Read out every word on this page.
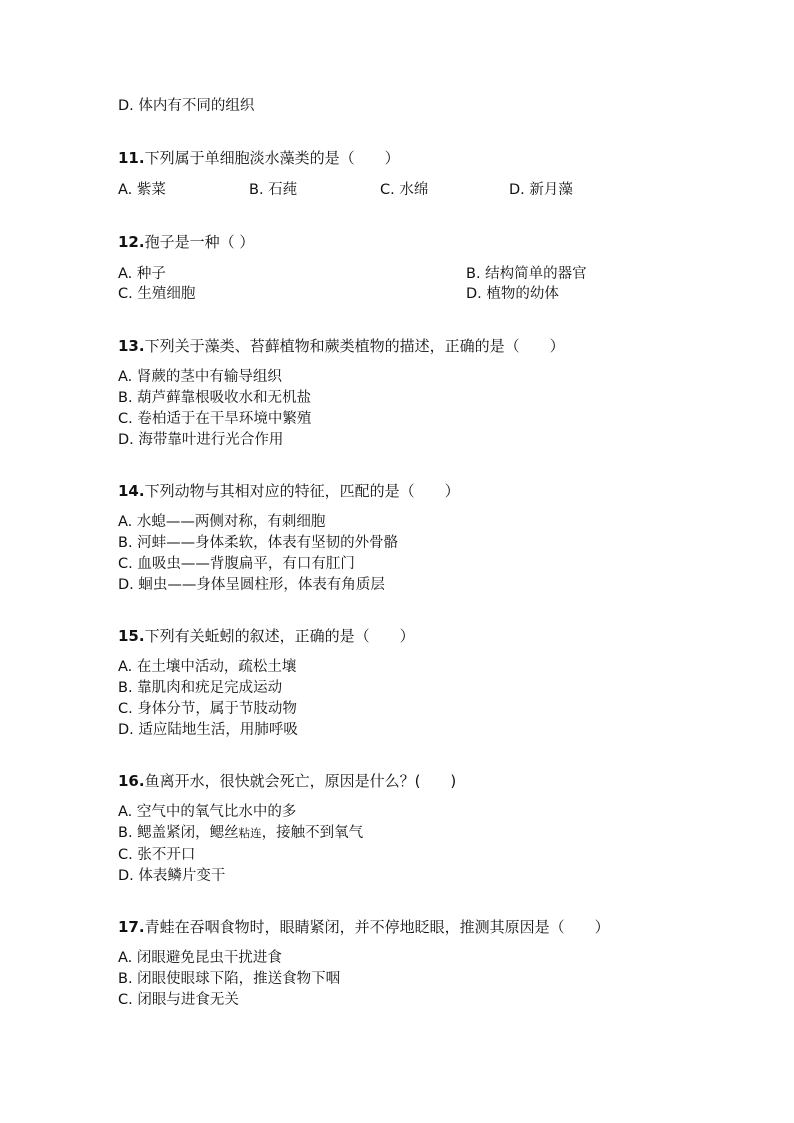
D. 体内有不同的组织
11.下列属于单细胞淡水藻类的是（　　）
A. 紫菜	B. 石莼	C. 水绵	D. 新月藻
12.孢子是一种（ ）
A. 种子	B. 结构简单的器官
C. 生殖细胞	D. 植物的幼体
13.下列关于藻类、苔藓植物和蕨类植物的描述，正确的是（　　）
A. 肾蕨的茎中有输导组织
B. 葫芦藓靠根吸收水和无机盐
C. 卷柏适于在干旱环境中繁殖
D. 海带靠叶进行光合作用
14.下列动物与其相对应的特征，匹配的是（　　）
A. 水螅——两侧对称，有刺细胞
B. 河蚌——身体柔软，体表有坚韧的外骨骼
C. 血吸虫——背腹扁平，有口有肛门
D. 蛔虫——身体呈圆柱形，体表有角质层
15.下列有关蚯蚓的叙述，正确的是（　　）
A. 在土壤中活动，疏松土壤
B. 靠肌肉和疣足完成运动
C. 身体分节，属于节肢动物
D. 适应陆地生活，用肺呼吸
16.鱼离开水，很快就会死亡，原因是什么？(　　)
A. 空气中的氧气比水中的多
B. 鳃盖紧闭，鳃丝粘连，接触不到氧气
C. 张不开口
D. 体表鳞片变干
17.青蛙在吞咽食物时，眼睛紧闭，并不停地眨眼，推测其原因是（　　）
A. 闭眼避免昆虫干扰进食
B. 闭眼使眼球下陷，推送食物下咽
C. 闭眼与进食无关
